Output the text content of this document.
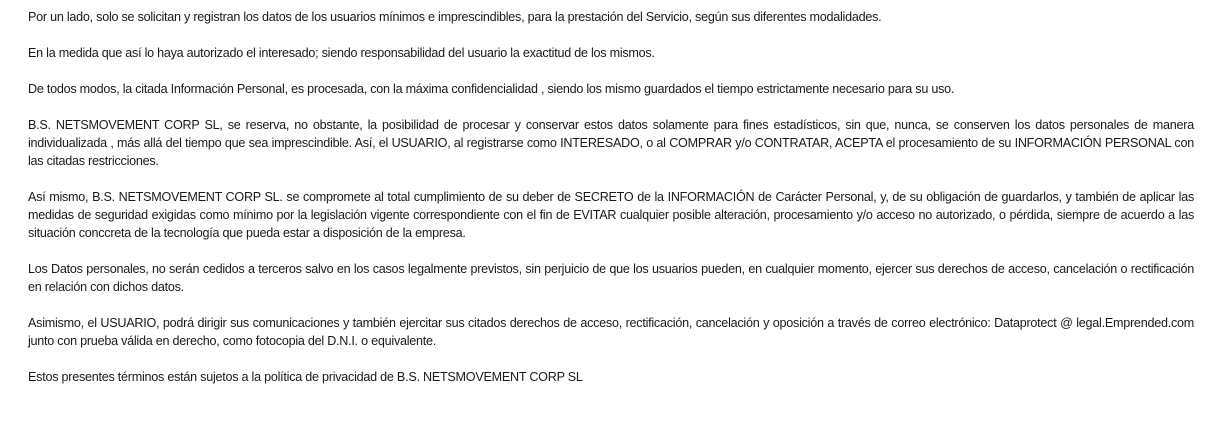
Por un lado, solo se solicitan y registran los datos de los usuarios mínimos e imprescindibles, para la prestación del Servicio, según sus diferentes modalidades.

En la medida que así lo haya autorizado el interesado; siendo responsabilidad del usuario la exactitud de los mismos.

De todos modos, la citada Información Personal, es procesada, con la máxima confidencialidad , siendo los mismo guardados el tiempo estrictamente necesario para su uso.

B.S. NETSMOVEMENT CORP SL, se reserva, no obstante, la posibilidad de procesar y conservar estos datos solamente para fines estadísticos, sin que, nunca, se conserven los datos personales de manera individualizada , más allá del tiempo que sea imprescindible. Así, el USUARIO, al registrarse como INTERESADO, o al COMPRAR y/o CONTRATAR, ACEPTA el procesamiento de su INFORMACIÓN PERSONAL con las citadas restricciones.

Así mismo, B.S. NETSMOVEMENT CORP SL. se compromete al total cumplimiento de su deber de SECRETO de la INFORMACIÓN de Carácter Personal, y, de su obligación de guardarlos, y también de aplicar las medidas de seguridad exigidas como mínimo por la legislación vigente correspondiente con el fin de EVITAR cualquier posible alteración, procesamiento y/o acceso no autorizado, o pérdida, siempre de acuerdo a las situación conccreta de la tecnología que pueda estar a disposición de la empresa.

Los Datos personales, no serán cedidos a terceros salvo en los casos legalmente previstos, sin perjuicio de que los usuarios pueden, en cualquier momento, ejercer sus derechos de acceso, cancelación o rectificación en relación con dichos datos.

Asimismo, el USUARIO, podrá dirigir sus comunicaciones y también ejercitar sus citados derechos de acceso, rectificación, cancelación y oposición a través de correo electrónico: Dataprotect @ legal.Emprended.com junto con prueba válida en derecho, como fotocopia del D.N.I. o equivalente.

Estos presentes términos están sujetos a la política de privacidad de B.S. NETSMOVEMENT CORP SL
